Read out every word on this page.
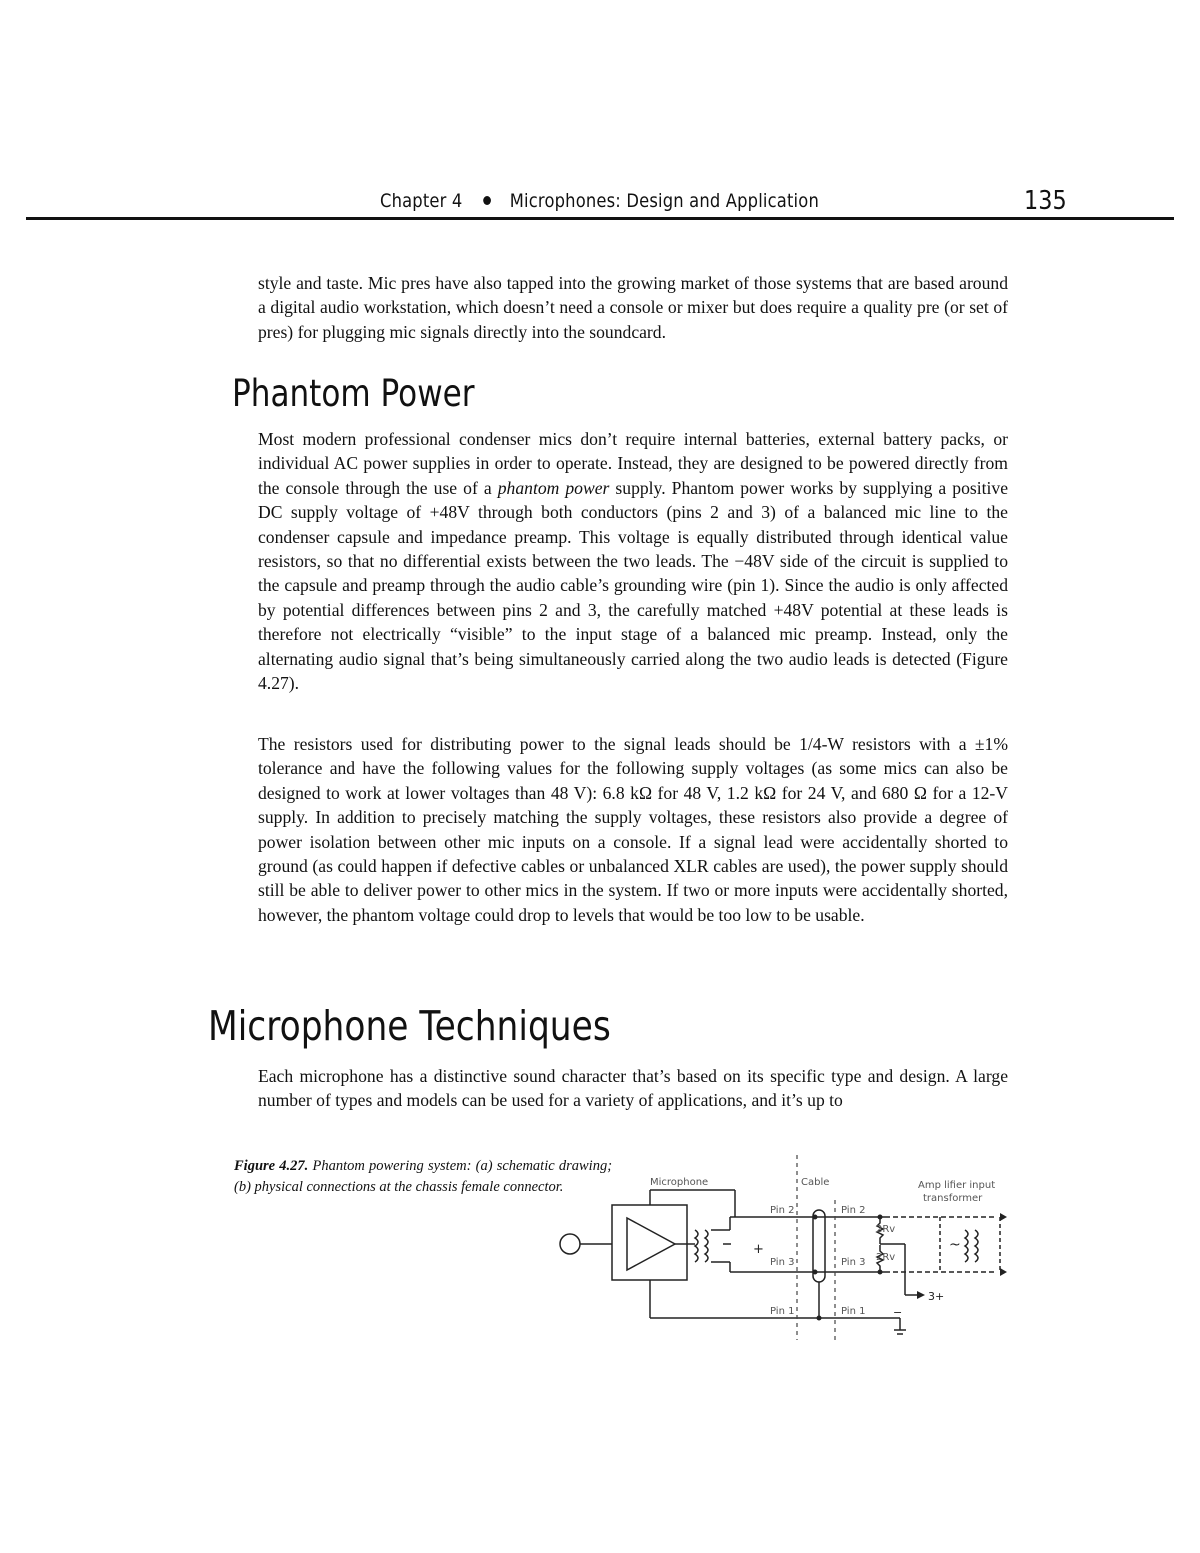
Chapter 4 Microphones: Design and Application	135

style and taste. Mic pres have also tapped into the growing market of those systems that are based around a digital audio workstation, which doesn’t need a console or mixer but does require a quality pre (or set of pres) for plugging mic signals directly into the soundcard.

Phantom Power

Most modern professional condenser mics don’t require internal batteries, external battery packs, or individual AC power supplies in order to operate. Instead, they are designed to be powered directly from the console through the use of a phantom power supply. Phantom power works by supplying a positive DC supply voltage of +48V through both conductors (pins 2 and 3) of a balanced mic line to the condenser capsule and impedance preamp. This voltage is equally distributed through identical value resistors, so that no differential exists between the two leads. The −48V side of the circuit is supplied to the capsule and preamp through the audio cable’s grounding wire (pin 1). Since the audio is only affected by potential differences between pins 2 and 3, the carefully matched +48V potential at these leads is therefore not electrically “visible” to the input stage of a balanced mic preamp. Instead, only the alternating audio signal that’s being simultaneously carried along the two audio leads is detected (Figure 4.27).

The resistors used for distributing power to the signal leads should be 1/4-W resistors with a ±1% tolerance and have the following values for the following supply voltages (as some mics can also be designed to work at lower voltages than 48 V): 6.8 kΩ for 48 V, 1.2 kΩ for 24 V, and 680 Ω for a 12-V supply. In addition to precisely matching the supply voltages, these resistors also provide a degree of power isolation between other mic inputs on a console. If a signal lead were accidentally shorted to ground (as could happen if defective cables or unbalanced XLR cables are used), the power supply should still be able to deliver power to other mics in the system. If two or more inputs were accidentally shorted, however, the phantom voltage could drop to levels that would be too low to be usable.

Microphone Techniques

Each microphone has a distinctive sound character that’s based on its specific type and design. A large number of types and models can be used for a variety of applications, and it’s up to

Figure 4.27. Phantom powering system: (a) schematic drawing; (b) physical connections at the chassis female connector.	Microphone	Cable	Amp lifier input
transformer
Pin 2
Pin 3
Pin 1
Pin 2
Pin 3
Pin 1
2Rv
2Rv
+
3+
−
~
